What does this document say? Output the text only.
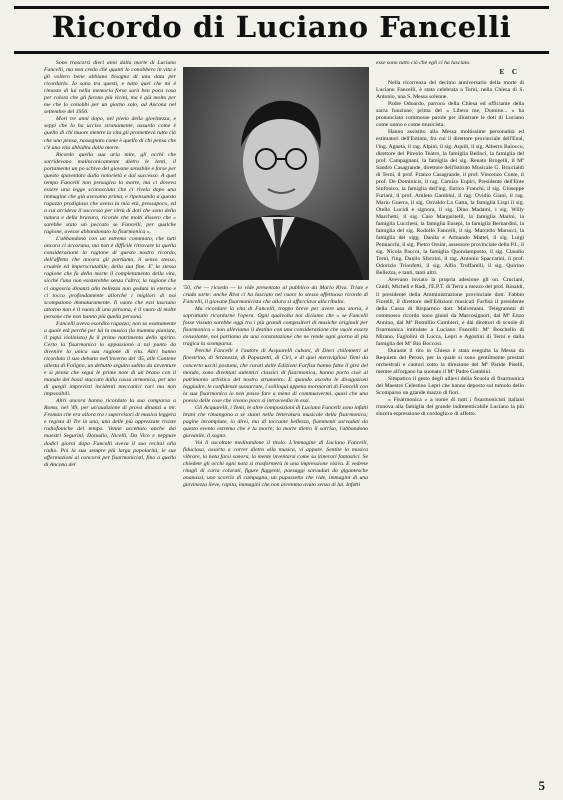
Ricordo di Luciano Fancelli

Sono trascorsi dieci anni dalla morte di Luciano Fancelli, ma non credo che quanti lo conobbero in vita e gli vollero bene abbiano bisogno di una data per ricordarlo. Io sono tra questi, e tutto quel che mi è rimasto di lui nella memoria forse sarà ben poca cosa per coloro che gli furono più vicini, ma è già molto per me che lo conobbi per un giorno solo, ad Ancona nel settembre del 1950.

Mori tre anni dopo, nel pieno della giovinezza, e seppi che lo ha ucciso stranamente, assurdo come è quello di chi muore mentre la vita gli prometteva tutto ciò che uno pensa, rassegnato come è quello di chi pensa che c'è una vita abbidita dalla morte.

Ricordo quella sua aria mite, gli occhi che sorridevano malinconicamente dietro le lenti, il portamento un po schivo del giovane sensibile e forse per questo spaventato dalla notorietà e dal successo. A quel tempo Fancelli non presagiva la morte, ma ci doveva essere una legge sconosciuta che ci rivela dopo una immagine che già avevamo prima, e ripensando a questo ragazzo prodigioso che aveva la mia età, pressapoco, ed a cui arrideva il successo per virtù di doti che sono della natura e della bravura, ricordo che molti dissero che « sarebbe stato un peccato se Fancelli, per qualche ragione, avesse abbandonato la fisarmonica ».

L'abbandonò con un estremo commiato, che tutti ancora ci accorana, ma non è difficile ritrovare la quella considerazione la ragione di questo nostro ricordo, dell'affetto che ancora gli portiamo, il senso stesso, crudele ed imperscrutabile, della sua fine. E' la stessa ragione che fa della morte il completamento della vita, sicché l'una non esisterebbe senza l'altra; la ragione che ci angoscia dinanzi alla bellezza non goduta in eterno e ci toccа profondamente allorché i migliori di noi scompaiono immaturamente. Il vuoto che essi lasciano attorno non è il vuoto di una persona, è il vuoto di molte persone che non hanno più quella persona.

Fancelli aveva esordito ragazzo; non so esattamente a quale età perché per lui la musica (la mamma pianista, il papà violinista) fu il primo nutrimento dello spirito. Certo la fisarmonica lo appassionò a tal punto da divenire la unica sua ragione di vita. Altri hanno ricordato il suo debutto nell'inverno del '45, alle Cantene allesta di Foligno, un debutto seguito subito da avventure e sì pensa che seguì le prime note di un brano con il manale dei bassi staccato dalla cassa armonica, per uno di quegli imprevisti incidenti meccanici rari ma non impossibili.

Altri ancora hanno ricordato la sua comparsa a Roma, nel '49, per un'audizione di prova dinanzi a mr. Froman che era allora tra i supervisori di musica leggera e regista di Tre in una, una delle più apprezzate riviste radiofoniche del tempo. Venne accettato anche dai maestri Segurini, Donadio, Nicelli, Da Vico e neppure dodici giorni dopo Fancelli aveva il suo recital alla radio. Poi la sua sempre più larga popolarità, le sue affermazioni ai concorsi per fisarmonicisti, fino a quello di Ancona del

'50, che — ricordo — lo vide presentato al pubblico da Mario Riva. Triste e cruda sorte: anche Riva ci ha lasciato nel cuore lo stesso affettuoso ricordo di Fancelli, il giovane fisarmonicista che allora si affacciava alla ribalta.

Ma ricordare la vita di Fancelli, troppo breve per avere una storia, è soprattutto ricordarne l'opera. Ogni qualvolta noi diciamo che « se Fancelli fosse vissuto sarebbe oggi tra i più grandi compositori di musiche originali per fisarmonica » non alleviamo il destino con una considerazione che vuole essere consolante, noi partiamo da una constatazione che ne rende ogni giorno di più tragica la scomparsa.

Perché Fancelli è l'autore di Acquarelli cubani, di Dieci chilometri al finestrino, di Stranezze, di Popazzetti, di Ciri, e di quei meravigliosi Temi da concerto usciti postumi, che curati dalle Edizioni Farfisa hanno fatto il giro del mondo, sono diventati autentici classici di fisarmonica, hanno porto cioè al patrimonio artistico del nostro strumento. E quando ascolto le divagazioni leggiadre, le confidenze sussurrate, i soliloqui appena mormorati di Fancelli con la sua fisarmonica io non posso fare a meno di commuovermi, quasi che una poesia delle cose che vivono poco si intravvedia in essi.

Gli Acquarelli, i Temi, le altre composizioni di Luciano Fancelli sono infatti brani che rimangono a se stanti nella letteratura musicale della fisarmonica; pagine incompiute, io direi, ma di toccante bellezza, fiammenti sorvaduti da questo evento estremo che è la morte; la morte dietro il sorriso, l'abbandono giovanile, il sogno.

Voi li ascoltate meditandone il titolo. L'immagine di Luciano Fancelli, fiduciosa, assorta a correr dietro alla musica, vi appare. Sentite la musica vibrare, la nota farsi sonora, la mente inventarsi come su itinerari fantastici. Se chiedete gli occhi ogni nota si trasformerà in una impressione visiva. E vedrete ritagli di carta colorati, figure fuggenti, paesaggi sorvaduti da gigantesche ananassi, uno scorcio di campagna, un pupazzetto che ride, immagini di una giovinezza lieve, rapita, immagini che non avremmo avuto senza di lui. Infatti

esse sono tutto ciò che egli ci ha lasciato.

E C

Nella ricorrenza del decimo anniversario della morte di Luciano Fancelli, è stata celebrata a Terni, nella Chiesa di S. Antonio, una S. Messa solenne.

Padre Odoardo, parroco della Chiesa ed officiante della sacra funzione, prima del « Libera me, Domine... » ha pronunciato commosse parole per illustrare le doti di Luciano come uomo e come musicista.

Hanno assistito alla Messa moltissime personalità ed estimatori dell'Estinto, fra cui il direttore provinciale dell'Enal, l'ing. Agneta, il rag. Alpini, il sig. Aquili, il sig. Alberto Baiocco, direttore del Pireolo Teatro, la famiglia Belinci, la famiglia del prof. Campagnani, la famiglia del sig. Renato Brogelli, il Mº Sandro Casagrande, direttore dell'Istituto Musicale G. Briccialdi di Terni, il prof. Franco Casagrande, il prof. Vincenzo Conte, il prof. De Dominicis, il rag. Camizo Eupiri, Presidente dell'Ente Sinfonico, la famiglia dell'ing. Enrico Franchi, il sig. Giuseppe Furiani, il prof. Amleto Gambini, il rag. Ovidio Giani, il rag. Mario Guerra, il sig. Osvaldo La Gatta, la famiglia Lispi il sig. Otello Lucidi e signora, il sig. Dino Madami, i sig. Willy Marchetti, il sig. Caio Margaritelli, la famiglia Marini, la famiglia Lucchesi, la famiglia Eusepi, la famiglia Bernardini, la famiglia del sig. Rodolfo Fancelli, il sig. Marcello Marucci, la famiglia dei sigg. Danila e Armando Mattei, il sig. Luigi Pennacchi, il sig. Pietro Orsini, assessore provinciale della P.I., il sig. Nicola Paccoi, la famiglia Quondamposto, il sig. Claudio Terni, l'ing. Danilo Sforzini, il rag. Antonio Spaccatini, il prof. Odorizio Trionfetti, il sig. Alfio Truffarelli, il sig. Quirino Bellezza, e tanti, tanti altri.

Avevano inviato la propria adesione gli on. Cruciani, Guidi, Micheli e Radi, l'E.P.T. di Terni a mezzo del prof. Rinaldi, il presidente della Amministrazione provinciale dott. Fabbio Fiorelli, il direttore dell'Edizioni musicali Farfisa il presidente della Cassa di Risparmio dott. Malventani. Telegrammi di commosso ricordo sono giunti da Marcosignori, dal Mº Enzo Annino, dal Mº Romillio Cambieri, e dai direttori di scuole di fisarmonica intitolate a Luciano Fancelli: Mº Boschello di Mirano, Faglolini di Lucca, Lepri e Agostini di Terni e dalla famiglia del Mº Bio Boccosi.

Durante il rito in Chiesa è stata eseguita la Messa da Requiem del Perosi, per la quale si sono gentilmente prestati orchestrali e cantori sotto la direzione del Mº Paride Piselli, mentre all'organo ha suonato il Mº Padre Gambini.

Simpatico il gesto degli allievi della Scuola di fisarmonica del Maestro Celestino Lepri che hanno deposto sul tumolo dello Scomparso un grande mazzo di fiori.

« Fisarmonica » a nome di tutti i fisarmonicisti italiani rinnova alla famiglia del grande indimenticabile Luciano la più sincera espressione di cordoglio e di affetto.

5
